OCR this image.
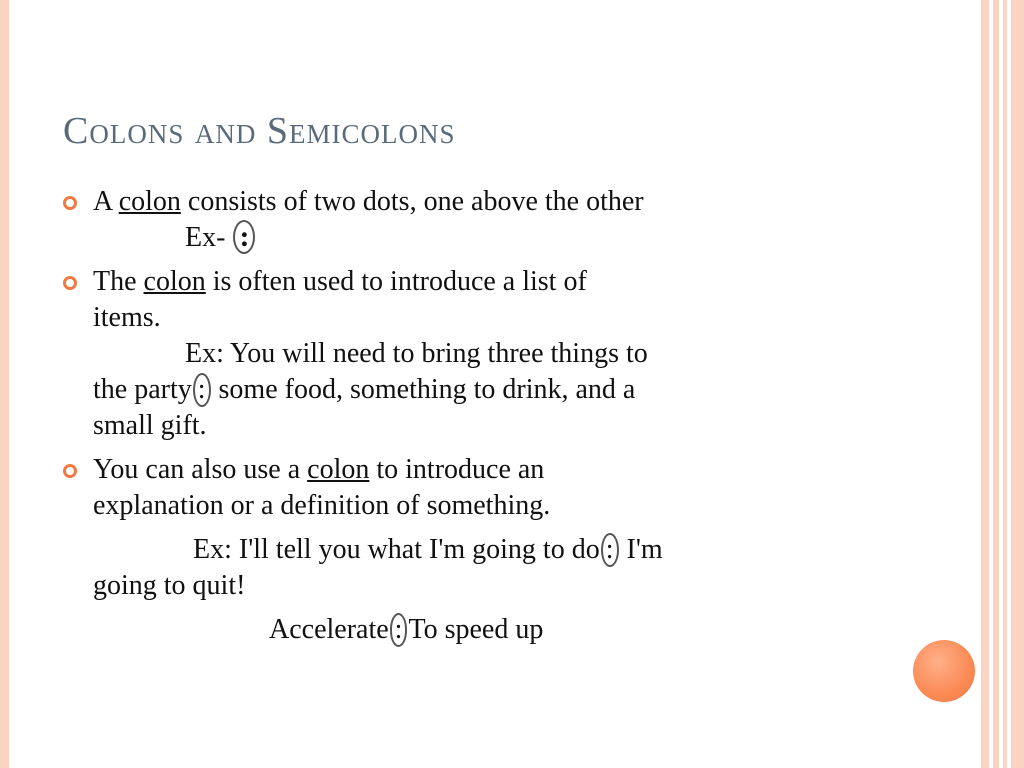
Colons and Semicolons
A colon consists of two dots, one above the other
Ex- :
The colon is often used to introduce a list of
items.
Ex: You will need to bring three things to
the party : some food, something to drink, and a
small gift.
You can also use a colon to introduce an
explanation or a definition of something.
Ex: I'll tell you what I'm going to do : I'm
going to quit!
Accelerate : To speed up
